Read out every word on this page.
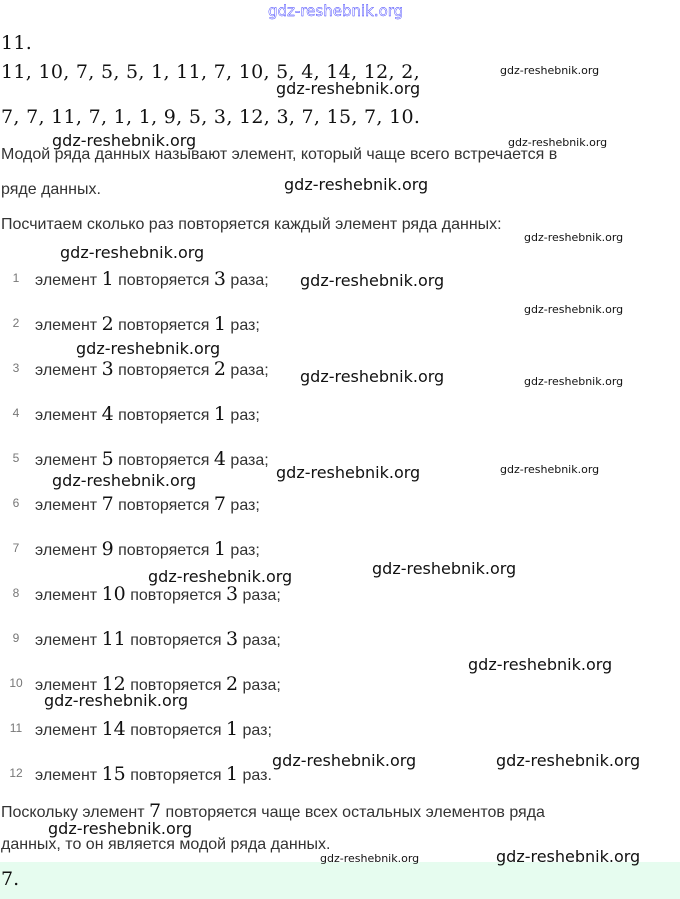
gdz-reshebnik.org
11.
11, 10, 7, 5, 5, 1, 11, 7, 10, 5, 4, 14, 12, 2,
7, 7, 11, 7, 1, 1, 9, 5, 3, 12, 3, 7, 15, 7, 10.
Модой ряда данных называют элемент, который чаще всего встречается в
ряде данных.
Посчитаем сколько раз повторяется каждый элемент ряда данных:
1 элемент 1 повторяется 3 раза;
2 элемент 2 повторяется 1 раз;
3 элемент 3 повторяется 2 раза;
4 элемент 4 повторяется 1 раз;
5 элемент 5 повторяется 4 раза;
6 элемент 7 повторяется 7 раз;
7 элемент 9 повторяется 1 раз;
8 элемент 10 повторяется 3 раза;
9 элемент 11 повторяется 3 раза;
10 элемент 12 повторяется 2 раза;
11 элемент 14 повторяется 1 раз;
12 элемент 15 повторяется 1 раз.
Поскольку элемент 7 повторяется чаще всех остальных элементов ряда
данных, то он является модой ряда данных.
7.
gdz-reshebnik.org
gdz-reshebnik.org
gdz-reshebnik.org	gdz-reshebnik.org
gdz-reshebnik.org
gdz-reshebnik.org
gdz-reshebnik.org
gdz-reshebnik.org
gdz-reshebnik.org
gdz-reshebnik.org
gdz-reshebnik.org	gdz-reshebnik.org
gdz-reshebnik.org	gdz-reshebnik.org
gdz-reshebnik.org
gdz-reshebnik.org
gdz-reshebnik.org
gdz-reshebnik.org
gdz-reshebnik.org
gdz-reshebnik.org	gdz-reshebnik.org
gdz-reshebnik.org
gdz-reshebnik.org
gdz-reshebnik.org
